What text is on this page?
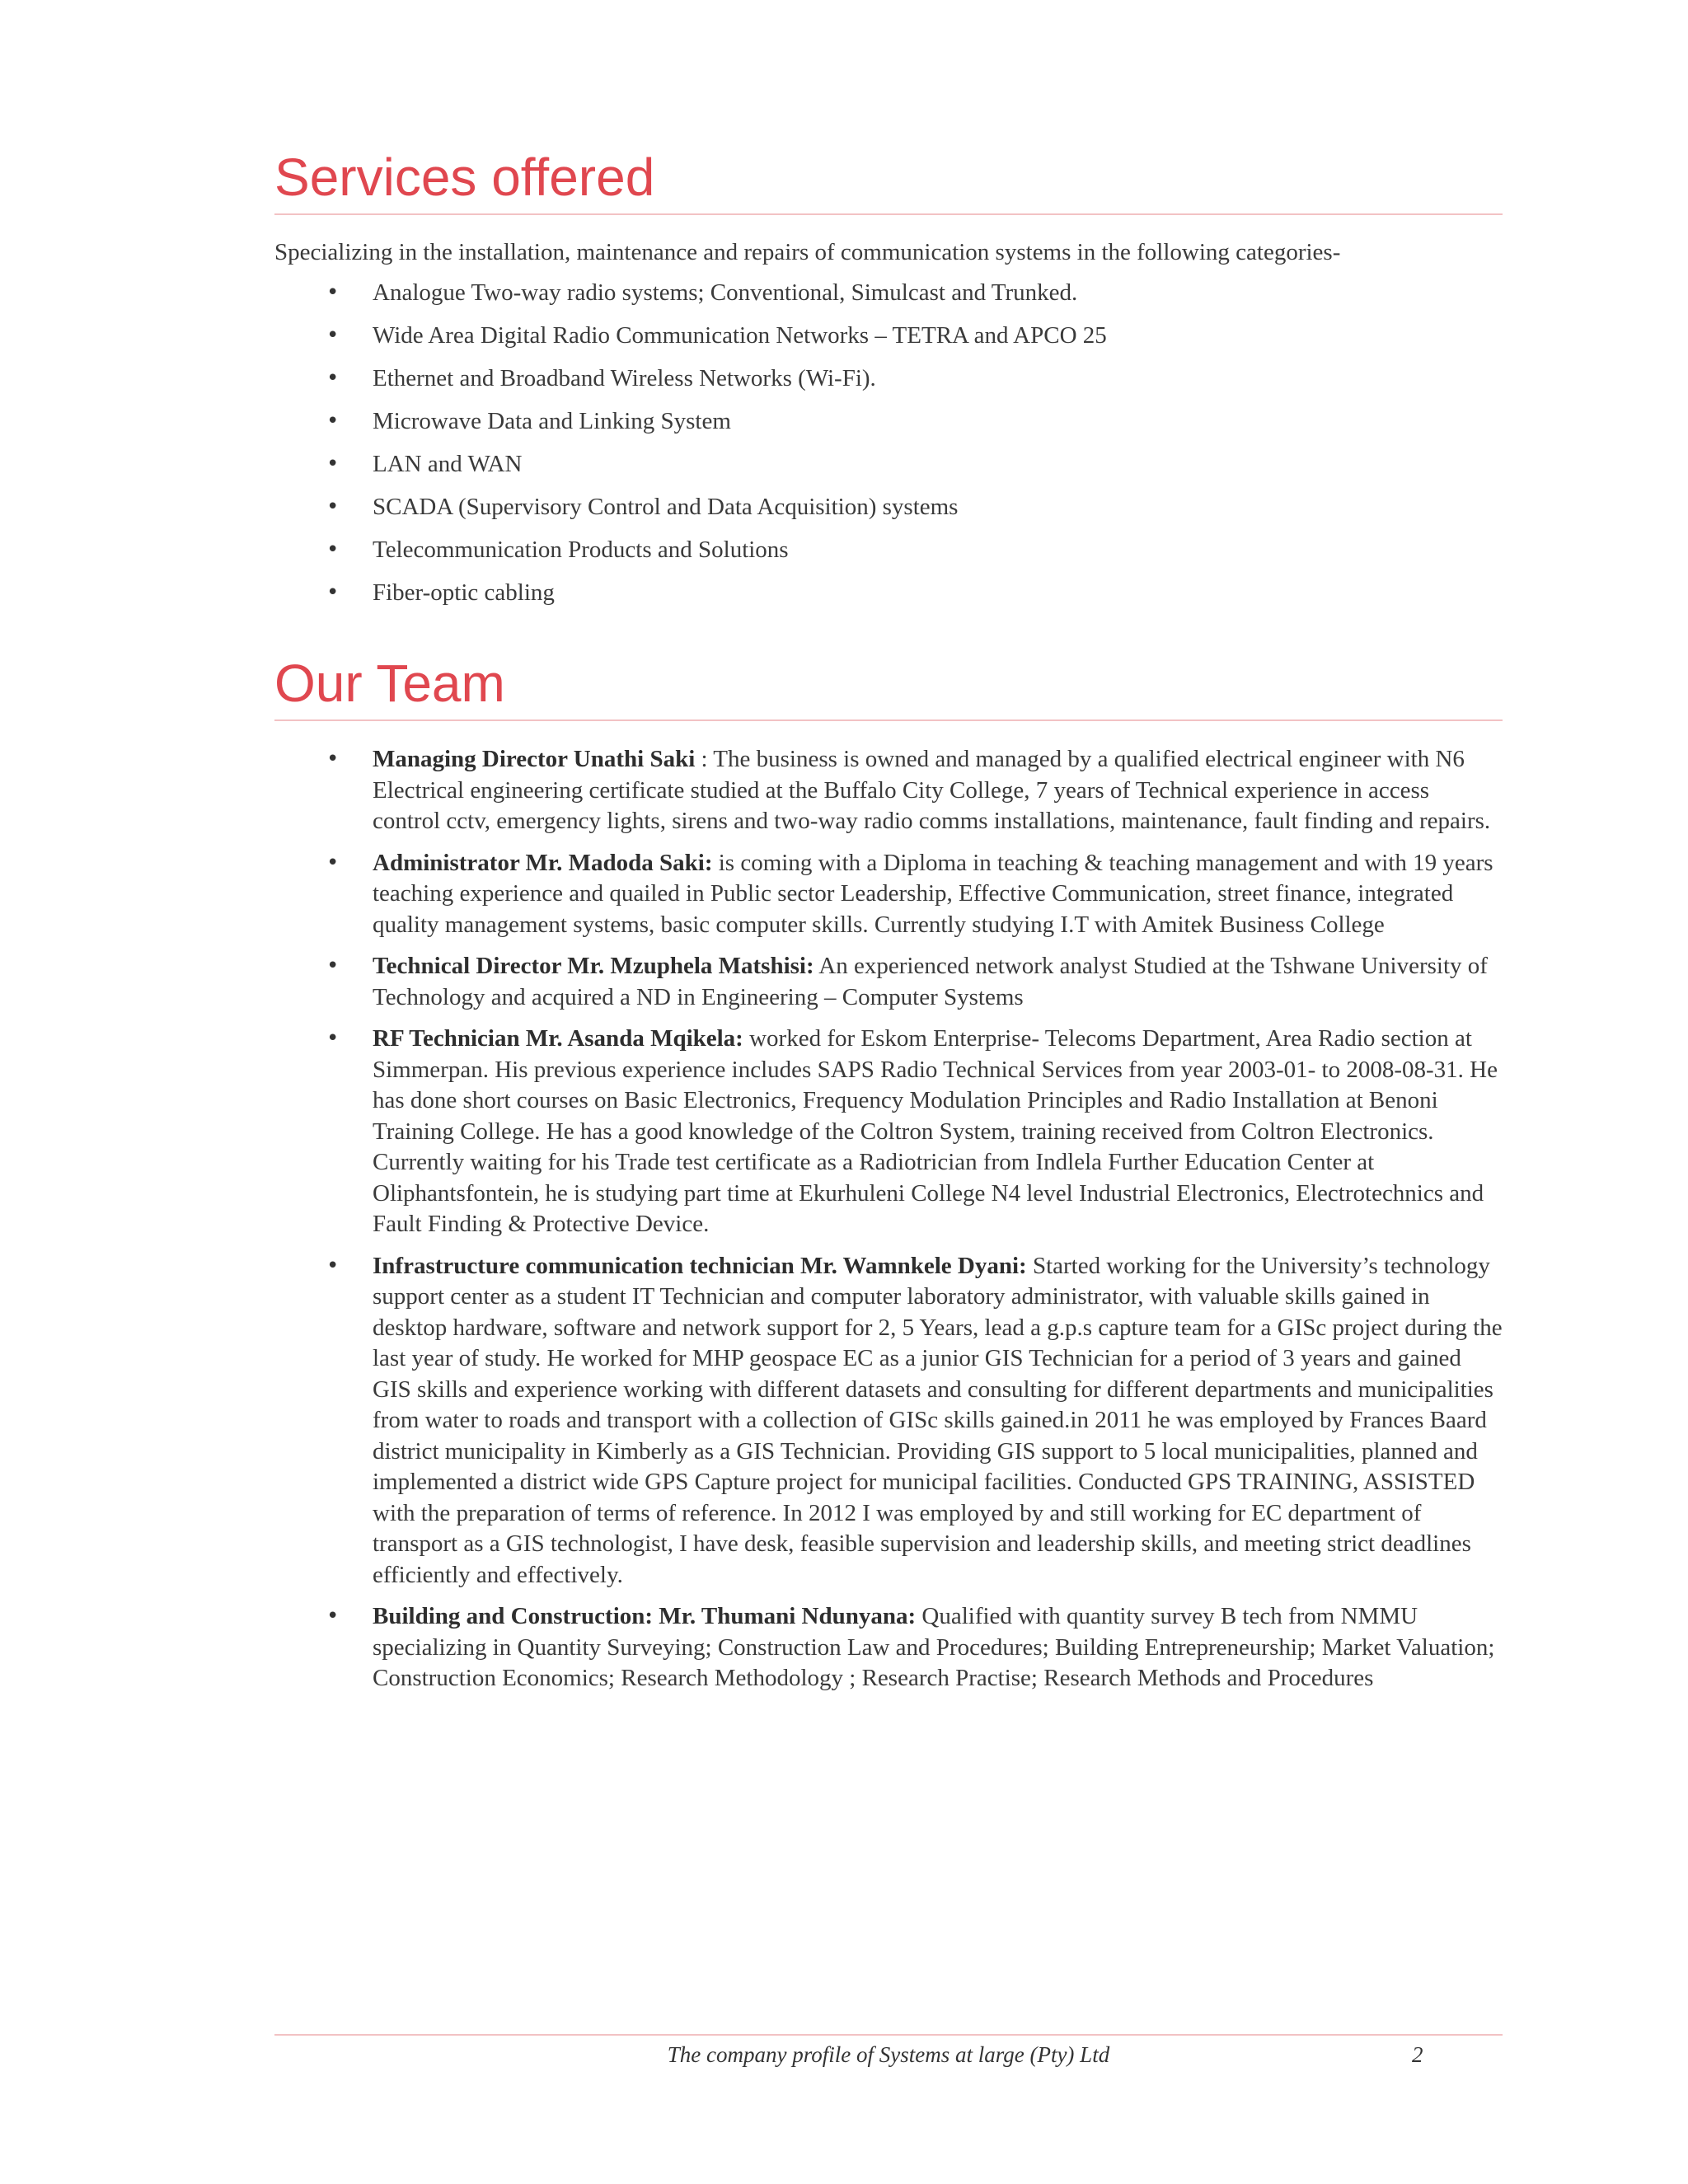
Services offered

Specializing in the installation, maintenance and repairs of communication systems in the following categories-

• Analogue Two-way radio systems; Conventional, Simulcast and Trunked.
• Wide Area Digital Radio Communication Networks – TETRA and APCO 25
• Ethernet and Broadband Wireless Networks (Wi-Fi).
• Microwave Data and Linking System
• LAN and WAN
• SCADA (Supervisory Control and Data Acquisition) systems
• Telecommunication Products and Solutions
• Fiber-optic cabling
Our Team
• Managing Director Unathi Saki : The business is owned and managed by a qualified electrical engineer with N6 Electrical engineering certificate studied at the Buffalo City College, 7 years of Technical experience in access control cctv, emergency lights, sirens and two-way radio comms installations, maintenance, fault finding and repairs.
• Administrator Mr. Madoda Saki: is coming with a Diploma in teaching & teaching management and with 19 years teaching experience and quailed in Public sector Leadership, Effective Communication, street finance, integrated quality management systems, basic computer skills. Currently studying I.T with Amitek Business College
• Technical Director Mr. Mzuphela Matshisi: An experienced network analyst Studied at the Tshwane University of Technology and acquired a ND in Engineering – Computer Systems
• RF Technician Mr. Asanda Mqikela: worked for Eskom Enterprise- Telecoms Department, Area Radio section at Simmerpan. His previous experience includes SAPS Radio Technical Services from year 2003-01- to 2008-08-31. He has done short courses on Basic Electronics, Frequency Modulation Principles and Radio Installation at Benoni Training College. He has a good knowledge of the Coltron System, training received from Coltron Electronics. Currently waiting for his Trade test certificate as a Radiotrician from Indlela Further Education Center at Oliphantsfontein, he is studying part time at Ekurhuleni College N4 level Industrial Electronics, Electrotechnics and Fault Finding & Protective Device.
• Infrastructure communication technician Mr. Wamnkele Dyani: Started working for the University’s technology support center as a student IT Technician and computer laboratory administrator, with valuable skills gained in desktop hardware, software and network support for 2, 5 Years, lead a g.p.s capture team for a GISc project during the last year of study. He worked for MHP geospace EC as a junior GIS Technician for a period of 3 years and gained GIS skills and experience working with different datasets and consulting for different departments and municipalities from water to roads and transport with a collection of GISc skills gained.in 2011 he was employed by Frances Baard district municipality in Kimberly as a GIS Technician. Providing GIS support to 5 local municipalities, planned and implemented a district wide GPS Capture project for municipal facilities. Conducted GPS TRAINING, ASSISTED with the preparation of terms of reference. In 2012 I was employed by and still working for EC department of transport as a GIS technologist, I have desk, feasible supervision and leadership skills, and meeting strict deadlines efficiently and effectively.
• Building and Construction: Mr. Thumani Ndunyana: Qualified with quantity survey B tech from NMMU specializing in Quantity Surveying; Construction Law and Procedures; Building Entrepreneurship; Market Valuation; Construction Economics; Research Methodology ; Research Practise; Research Methods and Procedures
The company profile of Systems at large (Pty) Ltd	2
